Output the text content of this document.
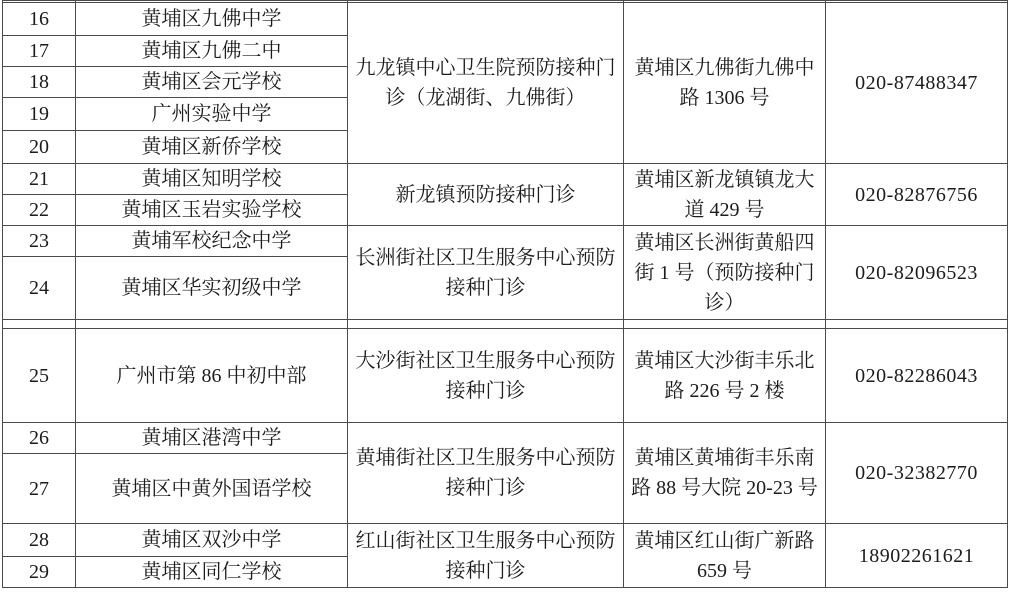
16	黄埔区九佛中学	九龙镇中心卫生院预防接种门诊（龙湖街、九佛街）	黄埔区九佛街九佛中路 1306 号	020-87488347
17	黄埔区九佛二中			
18	黄埔区会元学校			
19	广州实验中学			
20	黄埔区新侨学校			
21	黄埔区知明学校	新龙镇预防接种门诊	黄埔区新龙镇镇龙大道 429 号	020-82876756
22	黄埔区玉岩实验学校			
23	黄埔军校纪念中学	长洲街社区卫生服务中心预防接种门诊	黄埔区长洲街黄船四街 1 号（预防接种门诊）	020-82096523
24	黄埔区华实初级中学			

25	广州市第 86 中初中部	大沙街社区卫生服务中心预防接种门诊	黄埔区大沙街丰乐北路 226 号 2 楼	020-82286043
26	黄埔区港湾中学	黄埔街社区卫生服务中心预防接种门诊	黄埔区黄埔街丰乐南路 88 号大院 20-23 号	020-32382770
27	黄埔区中黄外国语学校			
28	黄埔区双沙中学	红山街社区卫生服务中心预防接种门诊	黄埔区红山街广新路 659 号	18902261621
29	黄埔区同仁学校			
